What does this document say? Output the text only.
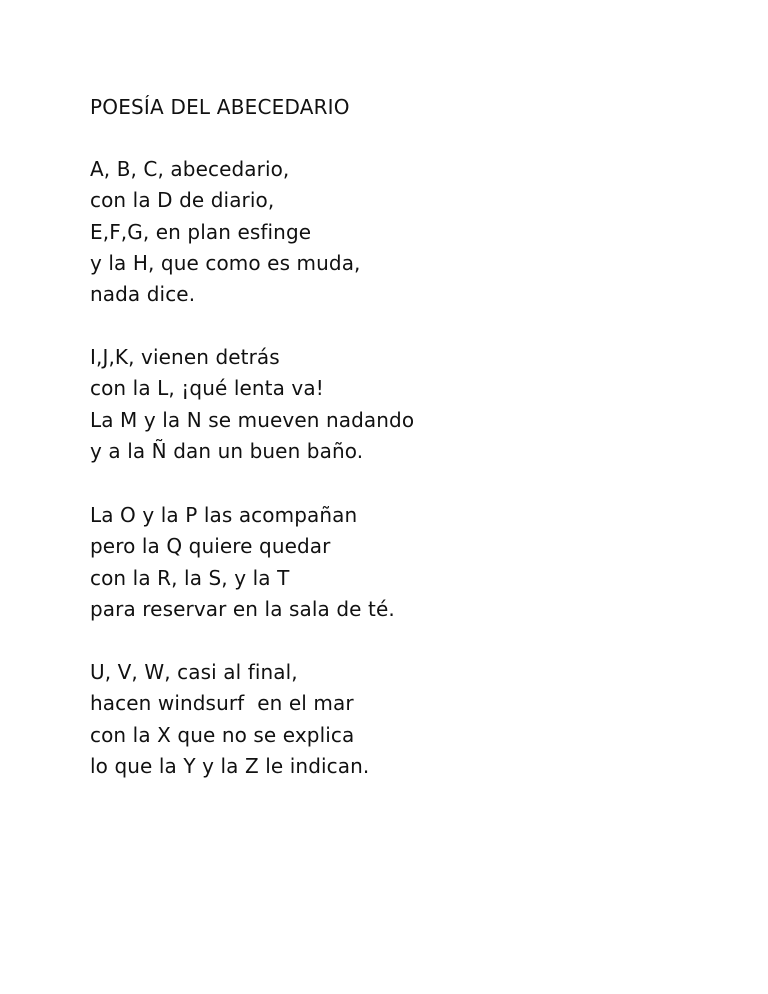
POESÍA DEL ABECEDARIO
A, B, C, abecedario,
con la D de diario,
E,F,G, en plan esfinge
y la H, que como es muda,
nada dice.
I,J,K, vienen detrás
con la L, ¡qué lenta va!
La M y la N se mueven nadando
y a la Ñ dan un buen baño.
La O y la P las acompañan
pero la Q quiere quedar
con la R, la S, y la T
para reservar en la sala de té.
U, V, W, casi al final,
hacen windsurf  en el mar
con la X que no se explica
lo que la Y y la Z le indican.
